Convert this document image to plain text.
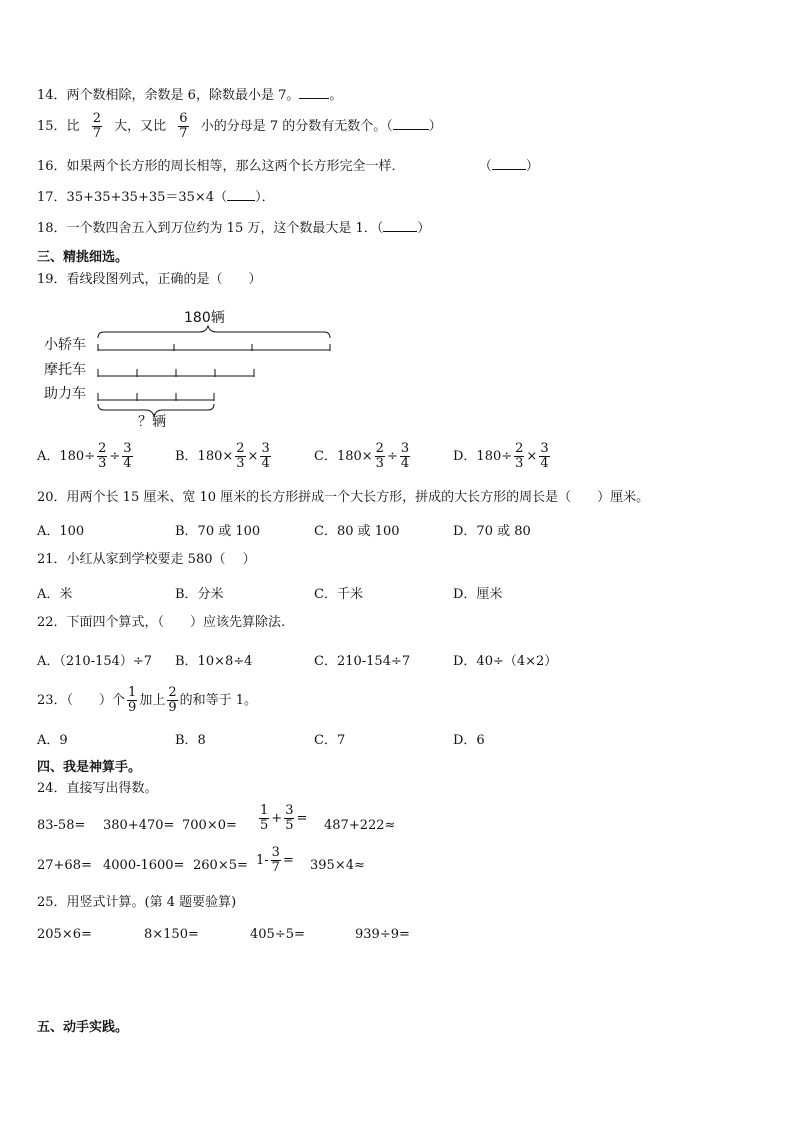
14．两个数相除，余数是 6，除数最小是 7。 。
15．比 $\frac{2}{7}$ 大，又比 $\frac{6}{7}$ 小的分母是 7 的分数有无数个。（	）
16．如果两个长方形的周长相等，那么这两个长方形完全一样．	（	）
17．35+35+35+35＝35×4（ ）．
18．一个数四舍五入到万位约为 15 万，这个数最大是 1．（	）
三、精挑细选。
19．看线段图列式，正确的是（　　）
180辆
小轿车
摩托车
助力车
？辆
A．$180\div \frac{2}{3} \div \frac{3}{4}$	B．$180\times \frac{2}{3} \times \frac{3}{4}$	C．$180\times \frac{2}{3} \div \frac{3}{4}$	D．$180\div \frac{2}{3} \times \frac{3}{4}$
20．用两个长 15 厘米、宽 10 厘米的长方形拼成一个大长方形，拼成的大长方形的周长是（　　）厘米。
A．100	B．70 或 100	C．80 或 100	D．70 或 80
21．小红从家到学校要走 580（　 ）
A．米	B．分米	C．千米	D．厘米
22．下面四个算式，（　　）应该先算除法.
A．（210-154）÷7 B．10×8÷4	C．210-154÷7	D．40÷（4×2）
23．（　　）个 $\frac{1}{9}$ 加上 $\frac{2}{9}$ 的和等于 1。
A．9	B．8	C．7	D．6
四、我是神算手。
24．直接写出得数。
$83-58= 380+470= 700\times 0= \frac{1}{5} + \frac{3}{5} = 487+222\approx$
$27+68= 4000-1600= 260\times 5= 1- \frac{3}{7} = 395\times 4\approx$
25．用竖式计算。(第 4 题要验算)
205×6=	8×150=	405÷5=	939÷9=
五、动手实践。
